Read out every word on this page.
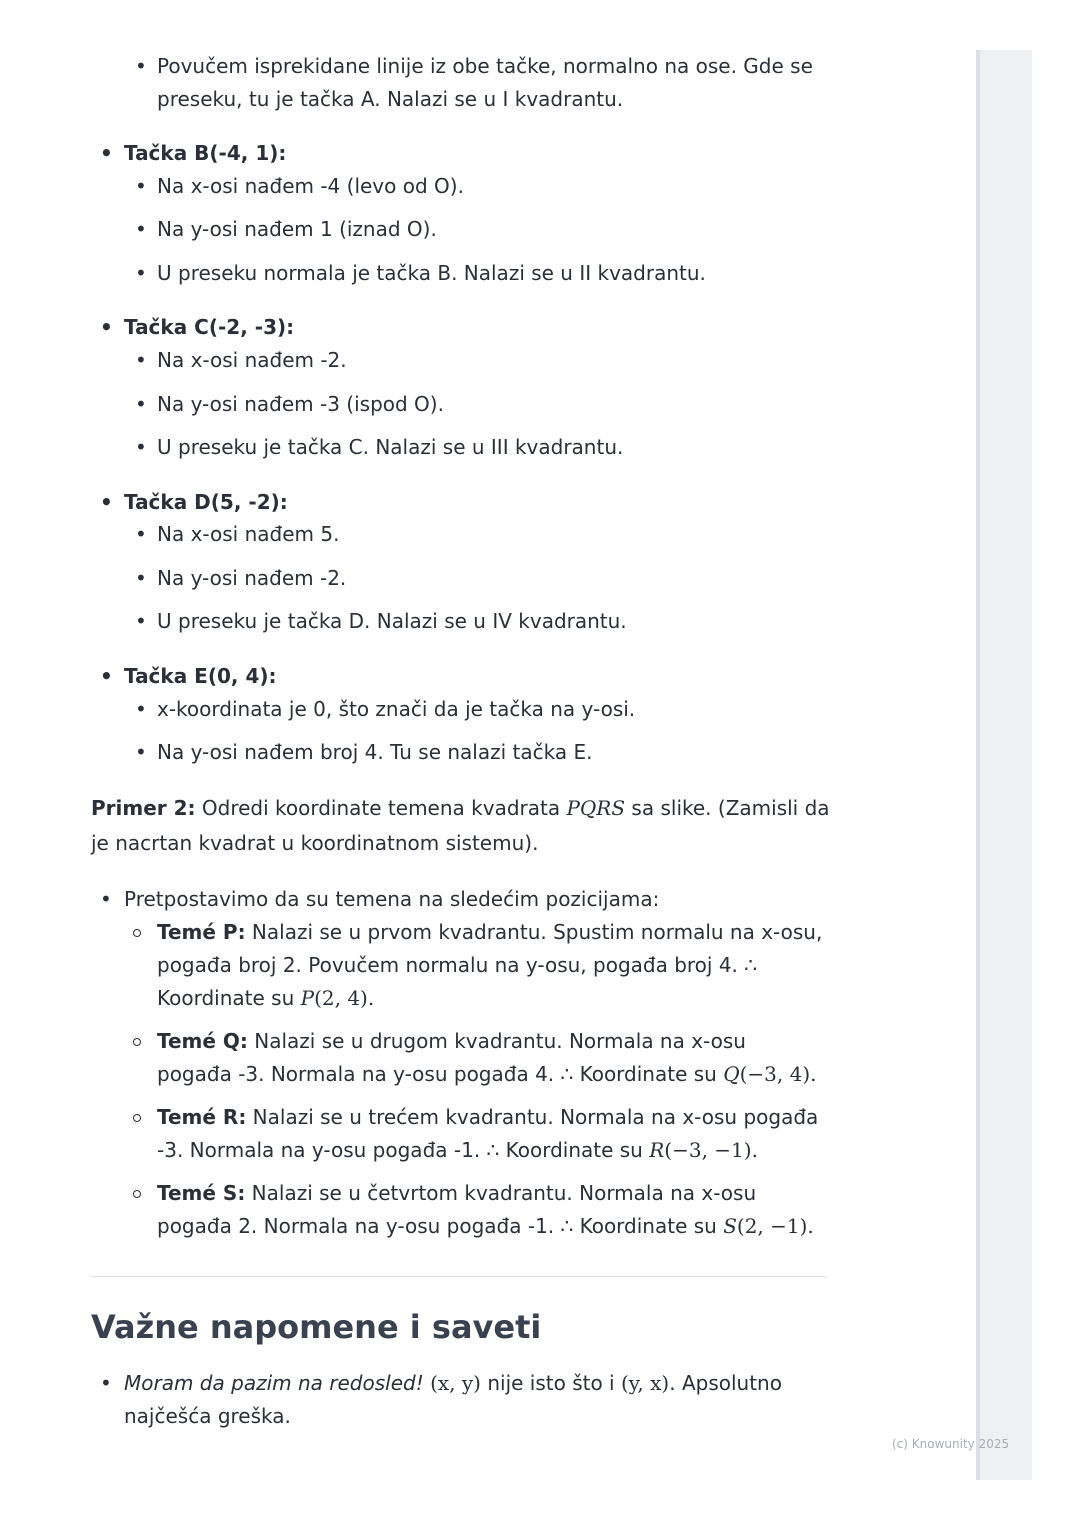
• Povučem isprekidane linije iz obe tačke, normalno na ose. Gde se
preseku, tu je tačka A. Nalazi se u I kvadrantu.
• Tačka B(-4, 1):
• Na x-osi nađem -4 (levo od O).
• Na y-osi nađem 1 (iznad O).
• U preseku normala je tačka B. Nalazi se u II kvadrantu.
• Tačka C(-2, -3):
• Na x-osi nađem -2.
• Na y-osi nađem -3 (ispod O).
• U preseku je tačka C. Nalazi se u III kvadrantu.
• Tačka D(5, -2):
• Na x-osi nađem 5.
• Na y-osi nađem -2.
• U preseku je tačka D. Nalazi se u IV kvadrantu.
• Tačka E(0, 4):
• x-koordinata je 0, što znači da je tačka na y-osi.
• Na y-osi nađem broj 4. Tu se nalazi tačka E.
Primer 2: Odredi koordinate temena kvadrata PQRS sa slike. (Zamisli da
je nacrtan kvadrat u koordinatnom sistemu).
• Pretpostavimo da su temena na sledećim pozicijama:
Temé P: Nalazi se u prvom kvadrantu. Spustim normalu na x-osu,
pogađa broj 2. Povučem normalu na y-osu, pogađa broj 4. ∴
Koordinate su P(2, 4).
Temé Q: Nalazi se u drugom kvadrantu. Normala na x-osu
pogađa -3. Normala na y-osu pogađa 4. ∴ Koordinate su Q(−3, 4).
Temé R: Nalazi se u trećem kvadrantu. Normala na x-osu pogađa
-3. Normala na y-osu pogađa -1. ∴ Koordinate su R(−3, −1).
Temé S: Nalazi se u četvrtom kvadrantu. Normala na x-osu
pogađa 2. Normala na y-osu pogađa -1. ∴ Koordinate su S(2, −1).
Važne napomene i saveti
• Moram da pazim na redosled! (x, y) nije isto što i (y, x). Apsolutno
najčešća greška.
(c) Knowunity 2025
